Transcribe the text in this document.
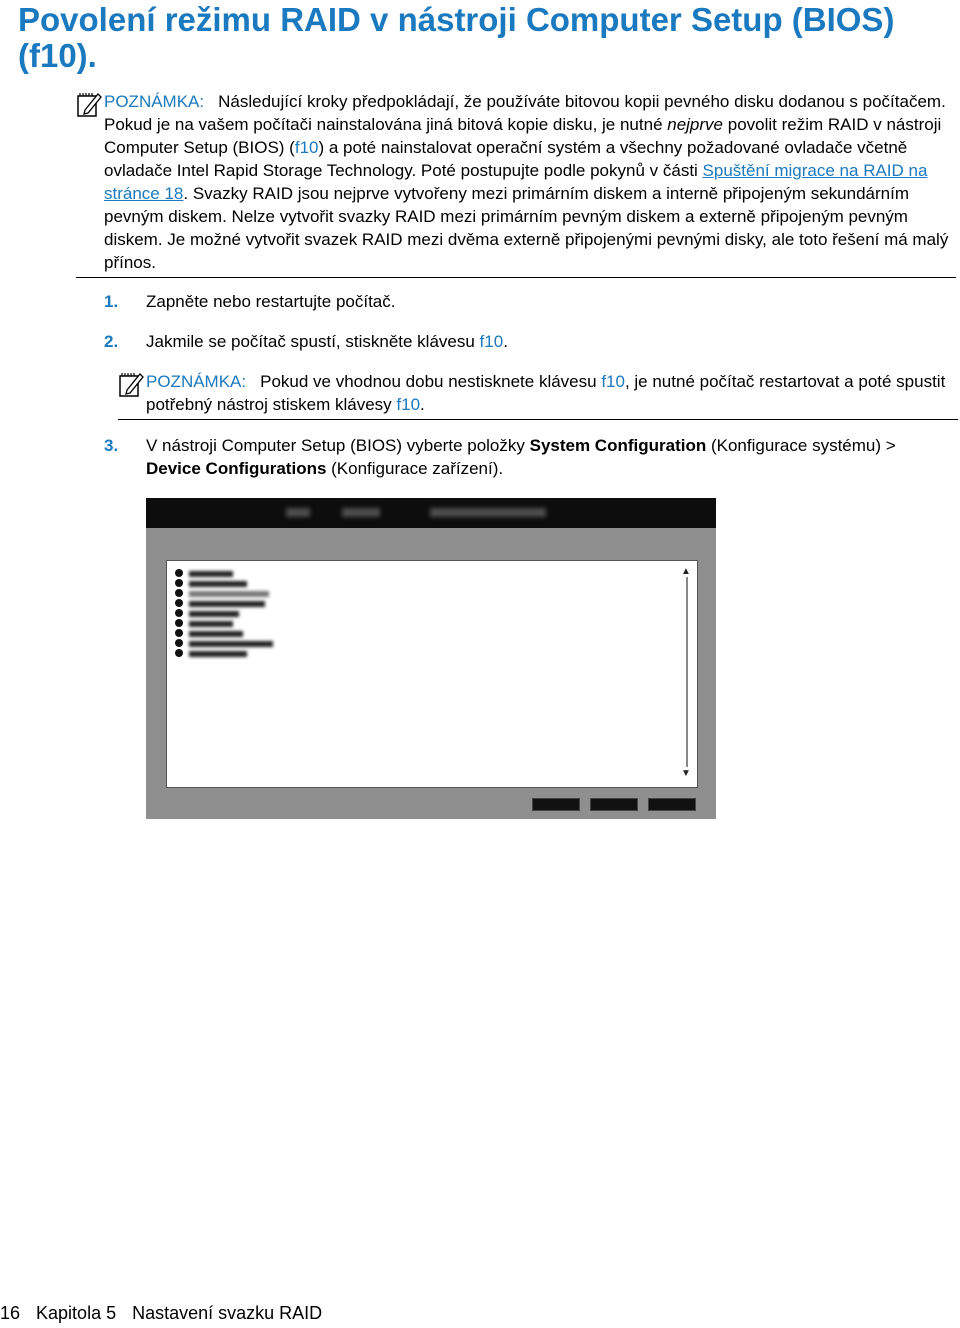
Povolení režimu RAID v nástroji Computer Setup (BIOS) (f10).
POZNÁMKA: Následující kroky předpokládají, že používáte bitovou kopii pevného disku dodanou s počítačem. Pokud je na vašem počítači nainstalována jiná bitová kopie disku, je nutné nejprve povolit režim RAID v nástroji Computer Setup (BIOS) (f10) a poté nainstalovat operační systém a všechny požadované ovladače včetně ovladače Intel Rapid Storage Technology. Poté postupujte podle pokynů v části Spuštění migrace na RAID na stránce 18. Svazky RAID jsou nejprve vytvořeny mezi primárním diskem a interně připojeným sekundárním pevným diskem. Nelze vytvořit svazky RAID mezi primárním pevným diskem a externě připojeným pevným diskem. Je možné vytvořit svazek RAID mezi dvěma externě připojenými pevnými disky, ale toto řešení má malý přínos.
1. Zapněte nebo restartujte počítač.
2. Jakmile se počítač spustí, stiskněte klávesu f10.
POZNÁMKA: Pokud ve vhodnou dobu nestisknete klávesu f10, je nutné počítač restartovat a poté spustit potřebný nástroj stiskem klávesy f10.
3. V nástroji Computer Setup (BIOS) vyberte položky System Configuration (Konfigurace systému) > Device Configurations (Konfigurace zařízení).
▲
▼
16 Kapitola 5 Nastavení svazku RAID
